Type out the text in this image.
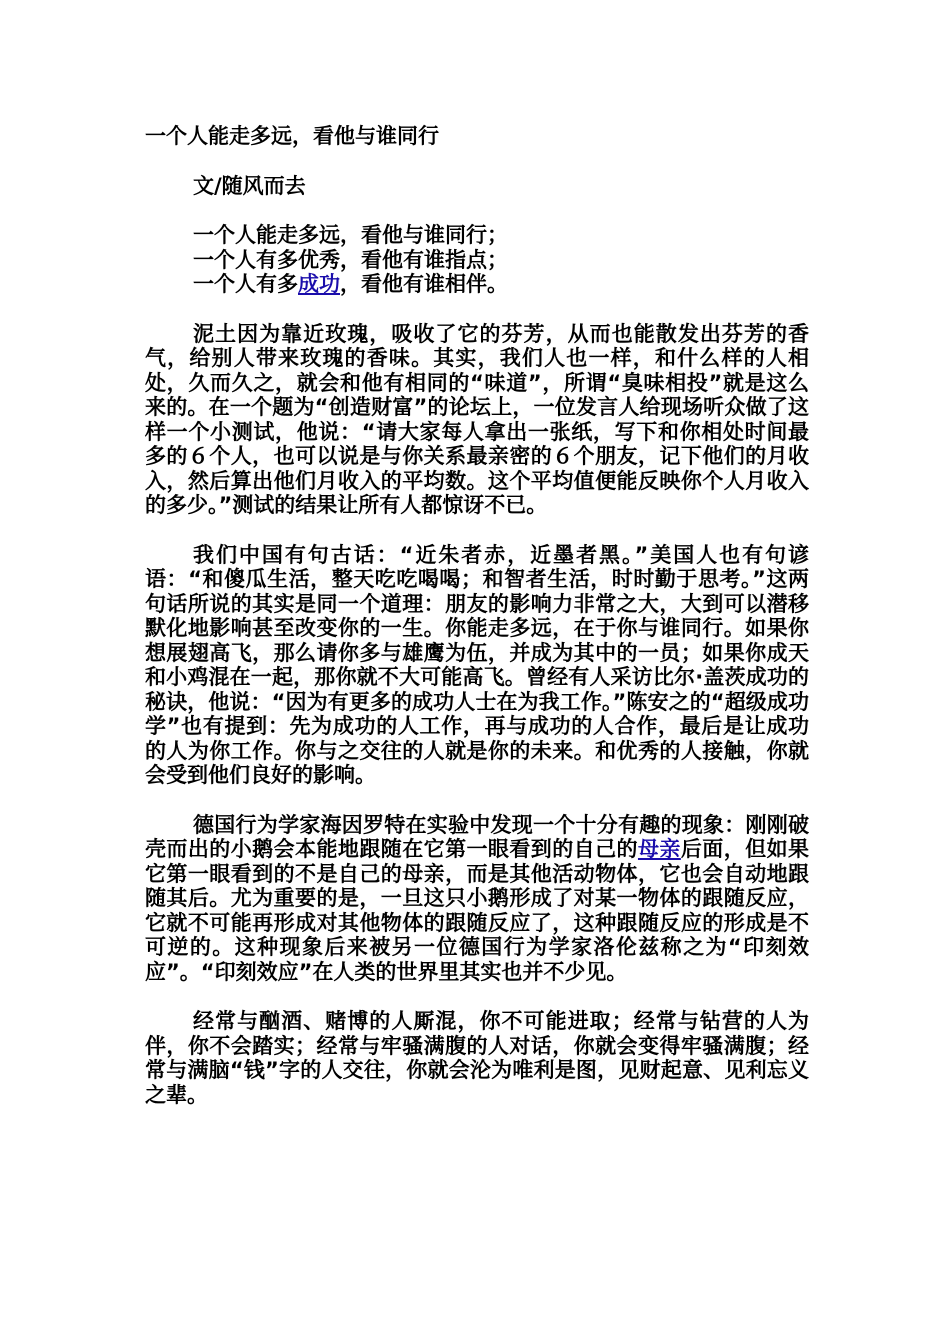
一个人能走多远，看他与谁同行

文/随风而去

一个人能走多远，看他与谁同行；
一个人有多优秀，看他有谁指点；
一个人有多成功，看他有谁相伴。

泥土因为靠近玫瑰，吸收了它的芬芳，从而也能散发出芬芳的香气，给别人带来玫瑰的香味。其实，我们人也一样，和什么样的人相处，久而久之，就会和他有相同的“味道”，所谓“臭味相投”就是这么来的。在一个题为“创造财富”的论坛上，一位发言人给现场听众做了这样一个小测试，他说：“请大家每人拿出一张纸，写下和你相处时间最多的６个人，也可以说是与你关系最亲密的６个朋友，记下他们的月收入，然后算出他们月收入的平均数。这个平均值便能反映你个人月收入的多少。”测试的结果让所有人都惊讶不已。

我们中国有句古话：“近朱者赤，近墨者黑。”美国人也有句谚语：“和傻瓜生活，整天吃吃喝喝；和智者生活，时时勤于思考。”这两句话所说的其实是同一个道理：朋友的影响力非常之大，大到可以潜移默化地影响甚至改变你的一生。你能走多远，在于你与谁同行。如果你想展翅高飞，那么请你多与雄鹰为伍，并成为其中的一员；如果你成天和小鸡混在一起，那你就不大可能高飞。曾经有人采访比尔·盖茨成功的秘诀，他说：“因为有更多的成功人士在为我工作。”陈安之的“超级成功学”也有提到：先为成功的人工作，再与成功的人合作，最后是让成功的人为你工作。你与之交往的人就是你的未来。和优秀的人接触，你就会受到他们良好的影响。

德国行为学家海因罗特在实验中发现一个十分有趣的现象：刚刚破壳而出的小鹅会本能地跟随在它第一眼看到的自己的母亲后面，但如果它第一眼看到的不是自己的母亲，而是其他活动物体，它也会自动地跟随其后。尤为重要的是，一旦这只小鹅形成了对某一物体的跟随反应，它就不可能再形成对其他物体的跟随反应了，这种跟随反应的形成是不可逆的。这种现象后来被另一位德国行为学家洛伦兹称之为“印刻效应”。“印刻效应”在人类的世界里其实也并不少见。

经常与酗酒、赌博的人厮混，你不可能进取；经常与钻营的人为伴，你不会踏实；经常与牢骚满腹的人对话，你就会变得牢骚满腹；经常与满脑“钱”字的人交往，你就会沦为唯利是图，见财起意、见利忘义之辈。
